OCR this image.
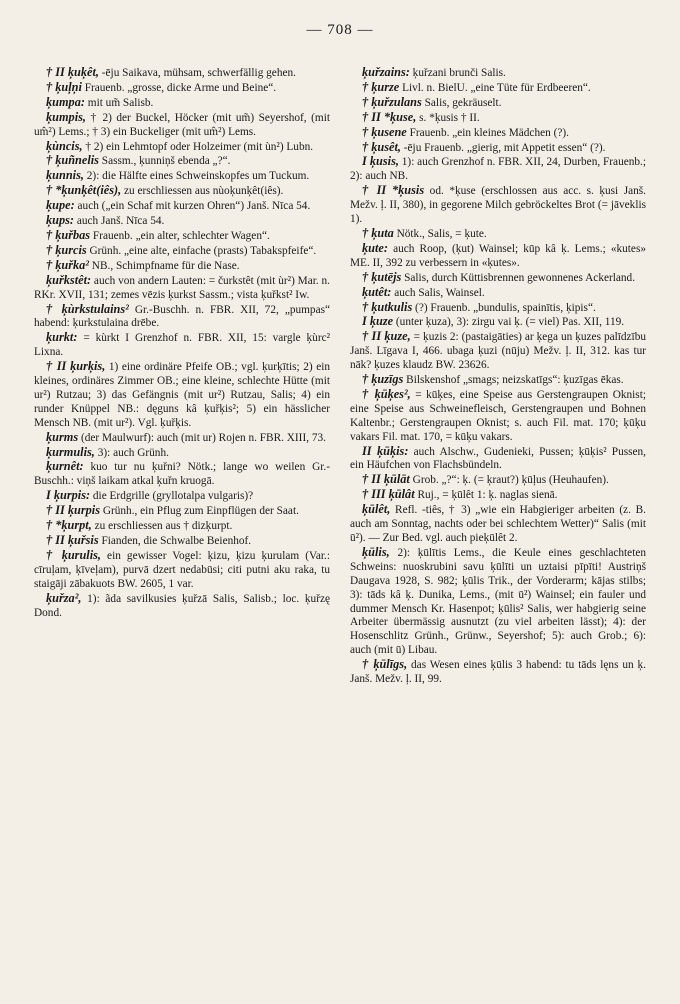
— 708 —

† II ķuķêt, -ēju Saikava, mühsam, schwerfällig gehen.

† ķuļņi Frauenb. „grosse, dicke Arme und Beine“.

ķumpa: mit um̃ Salisb.

ķumpis, † 2) der Buckel, Höcker (mit um̃) Seyershof, (mit um̂²) Lems.; † 3) ein Buckeliger (mit um̂²) Lems.

ķùncis, † 2) ein Lehmtopf oder Holzeimer (mit ùn²) Lubn.

† ķuñnelis Sassm., ķunniņš ebenda „?“.

ķunnis, 2): die Hälfte eines Schweinskopfes um Tuckum.

† *ķunķêt(iês), zu erschliessen aus nùoķunķêt(iês).

ķupe: auch („ein Schaf mit kurzen Ohren“) Janš. Nīca 54.

ķups: auch Janš. Nīca 54.

† ķuřbas Frauenb. „ein alter, schlechter Wagen“.

† ķurcis Grünh. „eine alte, einfache (prasts) Tabakspfeife“.

† ķuřka² NB., Schimpfname für die Nase.

ķuřkstêt: auch von andern Lauten: = čurkstêt (mit ùr²) Mar. n. RKr. XVII, 131; zemes vēzis ķurkst Sassm.; vista ķuřkst² Iw.

† ķùrkstulains² Gr.-Buschh. n. FBR. XII, 72, „pumpas“ habend: ķurkstulaina drēbe.

ķurkt: = kùrkt I Grenzhof n. FBR. XII, 15: vargle ķùrc² Lixna.

† II ķurķis, 1) eine ordinäre Pfeife OB.; vgl. ķurķītis; 2) ein kleines, ordinäres Zimmer OB.; eine kleine, schlechte Hütte (mit ur²) Rutzau; 3) das Gefängnis (mit ur²) Rutzau, Salis; 4) ein runder Knüppel NB.: dęguns kâ ķuřķis²; 5) ein hässlicher Mensch NB. (mit ur²). Vgl. ķuřķis.

ķurms (der Maulwurf): auch (mit ur) Rojen n. FBR. XIII, 73.

ķurmulis, 3): auch Grünh.

ķurnêt: kuo tur nu ķuřni? Nötk.; lange wo weilen Gr.-Buschh.: viņš laikam atkal ķuřn kruogā.

I ķurpis: die Erdgrille (gryllotalpa vulgaris)?

† II ķurpis Grünh., ein Pflug zum Einpflügen der Saat.

† *ķurpt, zu erschliessen aus † dizķurpt.

† II ķuřsis Fianden, die Schwalbe Beienhof.

† ķurulis, ein gewisser Vogel: ķizu, ķizu ķurulam (Var.: cīruļam, ķīveļam), purvā dzert nedabūsi; citi putni aku raka, tu staigāji zābakuots BW. 2605, 1 var.

ķuřza², 1): ãda savilkusies ķuřzā Salis, Salisb.; loc. ķuřzę Dond.

ķuřzains: ķuřzani brunči Salis.

† ķurze Livl. n. BielU. „eine Tüte für Erdbeeren“.

† ķuřzulans Salis, gekräuselt.

† II *ķuse, s. *ķusis † II.

† ķusene Frauenb. „ein kleines Mädchen (?).

† ķusêt, -ēju Frauenb. „gierig, mit Appetit essen“ (?).

I ķusis, 1): auch Grenzhof n. FBR. XII, 24, Durben, Frauenb.; 2): auch NB.

† II *ķusis od. *ķuse (erschlossen aus acc. s. ķusi Janš. Mežv. ļ. II, 380), in gegorene Milch gebröckeltes Brot (= jāveklis 1).

† ķuta Nötk., Salis, = ķute.

ķute: auch Roop, (ķut) Wainsel; kūp kâ ķ. Lems.; «kutes» ME. II, 392 zu verbessern in «ķutes».

† ķutējs Salis, durch Küttisbrennen gewonnenes Ackerland.

ķutêt: auch Salis, Wainsel.

† ķutkulis (?) Frauenb. „bundulis, spainītis, ķipis“.

I ķuze (unter ķuza), 3): zirgu vai ķ. (= viel) Pas. XII, 119.

† II ķuze, = ķuzis 2: (pastaigāties) ar ķega un ķuzes palīdzību Janš. Līgava I, 466. ubaga ķuzi (nūju) Mežv. ļ. II, 312. kas tur nāk? ķuzes klaudz BW. 23626.

† ķuzīgs Bilskenshof „smags; neizskatīgs“: ķuzīgas ēkas.

† ķūķes², = kūķes, eine Speise aus Gerstengraupen Oknist; eine Speise aus Schweinefleisch, Gerstengraupen und Bohnen Kaltenbr.; Gerstengraupen Oknist; s. auch Fil. mat. 170; ķūķu vakars Fil. mat. 170, = kūķu vakars.

II ķūķis: auch Alschw., Gudenieki, Pussen; ķūķis² Pussen, ein Häufchen von Flachsbündeln.

† II ķūlāt Grob. „?“: ķ. (= ķraut?) ķūļus (Heuhaufen).

† III ķūlât Ruj., = ķūlêt 1: ķ. naglas sienā.

ķūlêt, Refl. -tiês, † 3) „wie ein Habgieriger arbeiten (z. B. auch am Sonntag, nachts oder bei schlechtem Wetter)“ Salis (mit ū²). — Zur Bed. vgl. auch pieķūlêt 2.

ķūlis, 2): ķūlītis Lems., die Keule eines geschlachteten Schweins: nuoskrubini savu ķūlīti un uztaisi pīpīti! Austriņš Daugava 1928, S. 982; ķūlis Trik., der Vorderarm; kājas stilbs; 3): tāds kâ ķ. Dunika, Lems., (mit ū²) Wainsel; ein fauler und dummer Mensch Kr. Hasenpot; ķūlis² Salis, wer habgierig seine Arbeiter übermässig ausnutzt (zu viel arbeiten lässt); 4): der Hosenschlitz Grünh., Grünw., Seyershof; 5): auch Grob.; 6): auch (mit ū) Libau.

† ķūlīgs, das Wesen eines ķūlis 3 habend: tu tāds lęns un ķ. Janš. Mežv. ļ. II, 99.
